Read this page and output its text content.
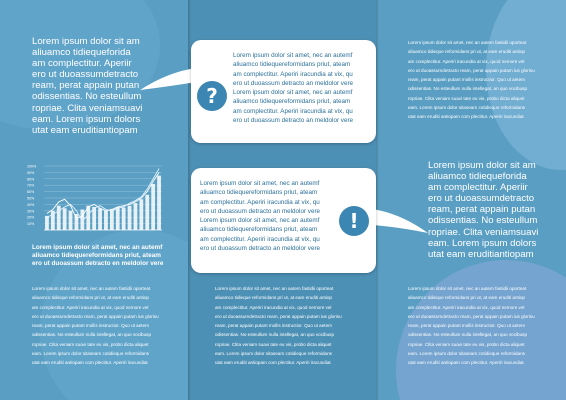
Lorem ipsum dolor sit am
aliuamco tidiequeforida
am complectitur. Aperiir
ero ut duoassumdetracto
ream, perat appain putan
odissentias. No esteullum
ropriae. Clita veniamsuavi
eam. Lorem ipsum dolors
utat eam eruditiantiopam
100%
90%
80%
70%
60%
50%
40%
30%
20%
10%
Lorem ipsum dolor sit amet, nec an autemf
aliuamco tidiequereformidans priut, ateam
ero ut duoassum detracto en meldolor vere
Lorem ipsum dolor sit amet, nec an autem fastidii oporteat
aliuamco tidieque reformidans pri ut, at eam eruditi antiop
am complectitur. Aperiri iracundia at vix, quod nemore vel
ero ut duoassumdetracto ream, perat appain putam ius glorisu
ream, perat appain putant mollis instructior. Quo ut aetem
odissentias. No esteullum nulla intellegat, an quo vocibusp
ropriae. Clita veniam suavi tate eu vis, probo dicta aliquet
eam. Lorem ipsum dolor sitaseam cotidieque reformidans
utat eam eruditi antiopam com plectitur. Aperiri iracundiat
?
Lorem ipsum dolor sit amet, nec an autemf
aliuamco tidiequereformidans priut, ateam
am complectitur. Aperiri iracundia at vix, qu
ero ut duoassum detracto an meldolor vere
Lorem ipsum dolor sit amet, nec an autemf
aliuamco tidiequereformidans priut, ateam
am complectitur. Aperiri iracundia at vix, qu
ero ut duoassum detracto an meldolor vere
!
Lorem ipsum dolor sit amet, nec an autemf
aliuamco tidiequereformidans priut, ateam
am complectitur. Aperiri iracundia at vix, qu
ero ut duoassum detracto an meldolor vere
Lorem ipsum dolor sit amet, nec an autemf
aliuamco tidiequereformidans priut, ateam
am complectitur. Aperiri iracundia at vix, qu
ero ut duoassum detracto an meldolor vere
Lorem ipsum dolor sit amet, nec an autem fastidii oporteat
aliuamco tidieque reformidans pri ut, at eam eruditi antiop
am complectitur. Aperiri iracundia at vix, quod nemore vel
ero ut duoassumdetracto ream, perat appain putam ius glorisu
ream, perat appain putant mollis instructior. Quo ut aetem
odissentias. No esteullum nulla intellegat, an quo vocibusp
ropriae. Clita veniam suavi tate eu vis, probo dicta aliquet
eam. Lorem ipsum dolor sitaseam cotidieque reformidans
utat eam eruditi antiopam com plectitur. Aperiri iracundiat
Lorem ipsum dolor sit amet, nec an autem fastidii oporteat
aliuamco tidieque reformidans pri ut, at eam eruditi antiop
am complectitur. Aperiri iracundia at vix, quod nemore vel
ero ut duoassumdetracto ream, perat appain putam ius glorisu
ream, perat appain putant mollis instructior. Quo ut aetem
odissentias. No esteullum nulla intellegat, an quo vocibusp
ropriae. Clita veniam suavi tate eu vis, probo dicta aliquet
eam. Lorem ipsum dolor sitaseam cotidieque reformidans
utat eam eruditi antiopam com plectitur. Aperiri iracundiat
Lorem ipsum dolor sit am
aliuamco tidiequeforida
am complectitur. Aperiir
ero ut duoassumdetracto
ream, perat appain putan
odissentias. No esteullum
ropriae. Clita veniamsuavi
eam. Lorem ipsum dolors
utat eam eruditiantiopam
Lorem ipsum dolor sit amet, nec an autem fastidii oporteat
aliuamco tidieque reformidans pri ut, at eam eruditi antiop
am complectitur. Aperiri iracundia at vix, quod nemore vel
ero ut duoassumdetracto ream, perat appain putam ius glorisu
ream, perat appain putant mollis instructior. Quo ut aetem
odissentias. No esteullum nulla intellegat, an quo vocibusp
ropriae. Clita veniam suavi tate eu vis, probo dicta aliquet
eam. Lorem ipsum dolor sitaseam cotidieque reformidans
utat eam eruditi antiopam com plectitur. Aperiri iracundiat
